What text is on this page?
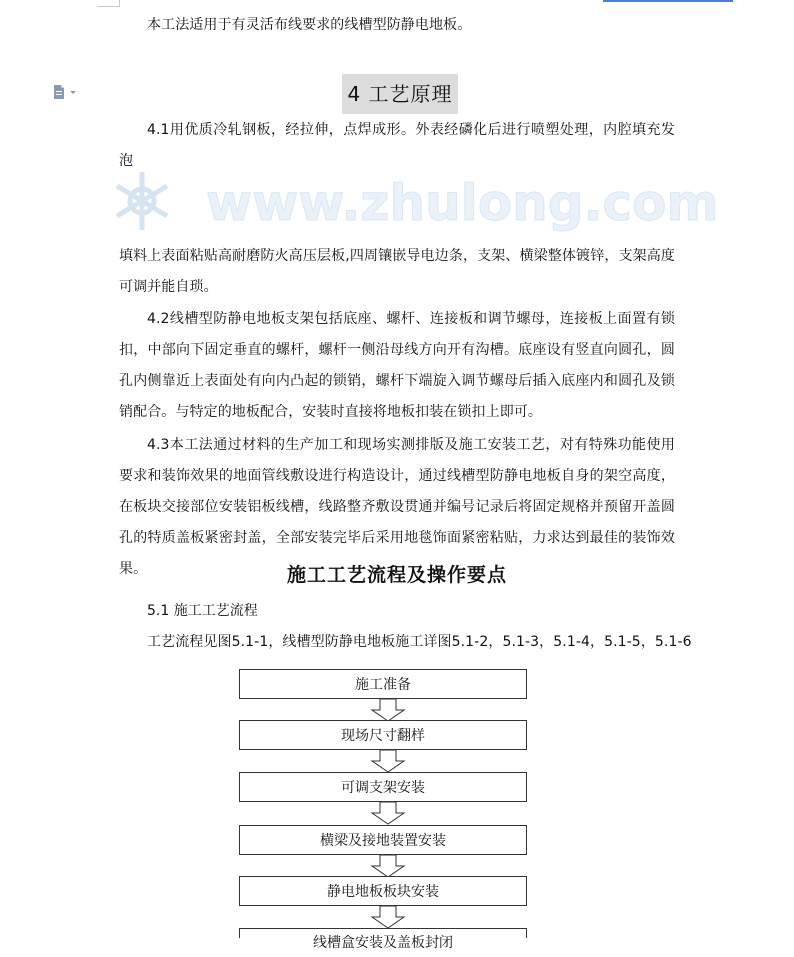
本工法适用于有灵活布线要求的线槽型防静电地板。

4 工艺原理

4.1用优质冷轧钢板，经拉伸，点焊成形。外表经磷化后进行喷塑处理，内腔填充发泡

www.zhulong.com

填料上表面粘贴高耐磨防火高压层板,四周镶嵌导电边条，支架、横梁整体镀锌，支架高度可调并能自琐。

4.2线槽型防静电地板支架包括底座、螺杆、连接板和调节螺母，连接板上面置有锁扣，中部向下固定垂直的螺杆，螺杆一侧沿母线方向开有沟槽。底座设有竖直向圆孔，圆孔内侧靠近上表面处有向内凸起的锁销，螺杆下端旋入调节螺母后插入底座内和圆孔及锁销配合。与特定的地板配合，安装时直接将地板扣装在锁扣上即可。

4.3本工法通过材料的生产加工和现场实测排版及施工安装工艺，对有特殊功能使用要求和装饰效果的地面管线敷设进行构造设计，通过线槽型防静电地板自身的架空高度，在板块交接部位安装铝板线槽，线路整齐敷设贯通并编号记录后将固定规格并预留开盖圆孔的特质盖板紧密封盖，全部安装完毕后采用地毯饰面紧密粘贴，力求达到最佳的装饰效果。	施工工艺流程及操作要点
5.1 施工工艺流程

工艺流程见图5.1-1，线槽型防静电地板施工详图5.1-2，5.1-3，5.1-4，5.1-5，5.1-6

施工准备
现场尺寸翻样
可调支架安装
横梁及接地装置安装
静电地板板块安装
线槽盒安装及盖板封闭
